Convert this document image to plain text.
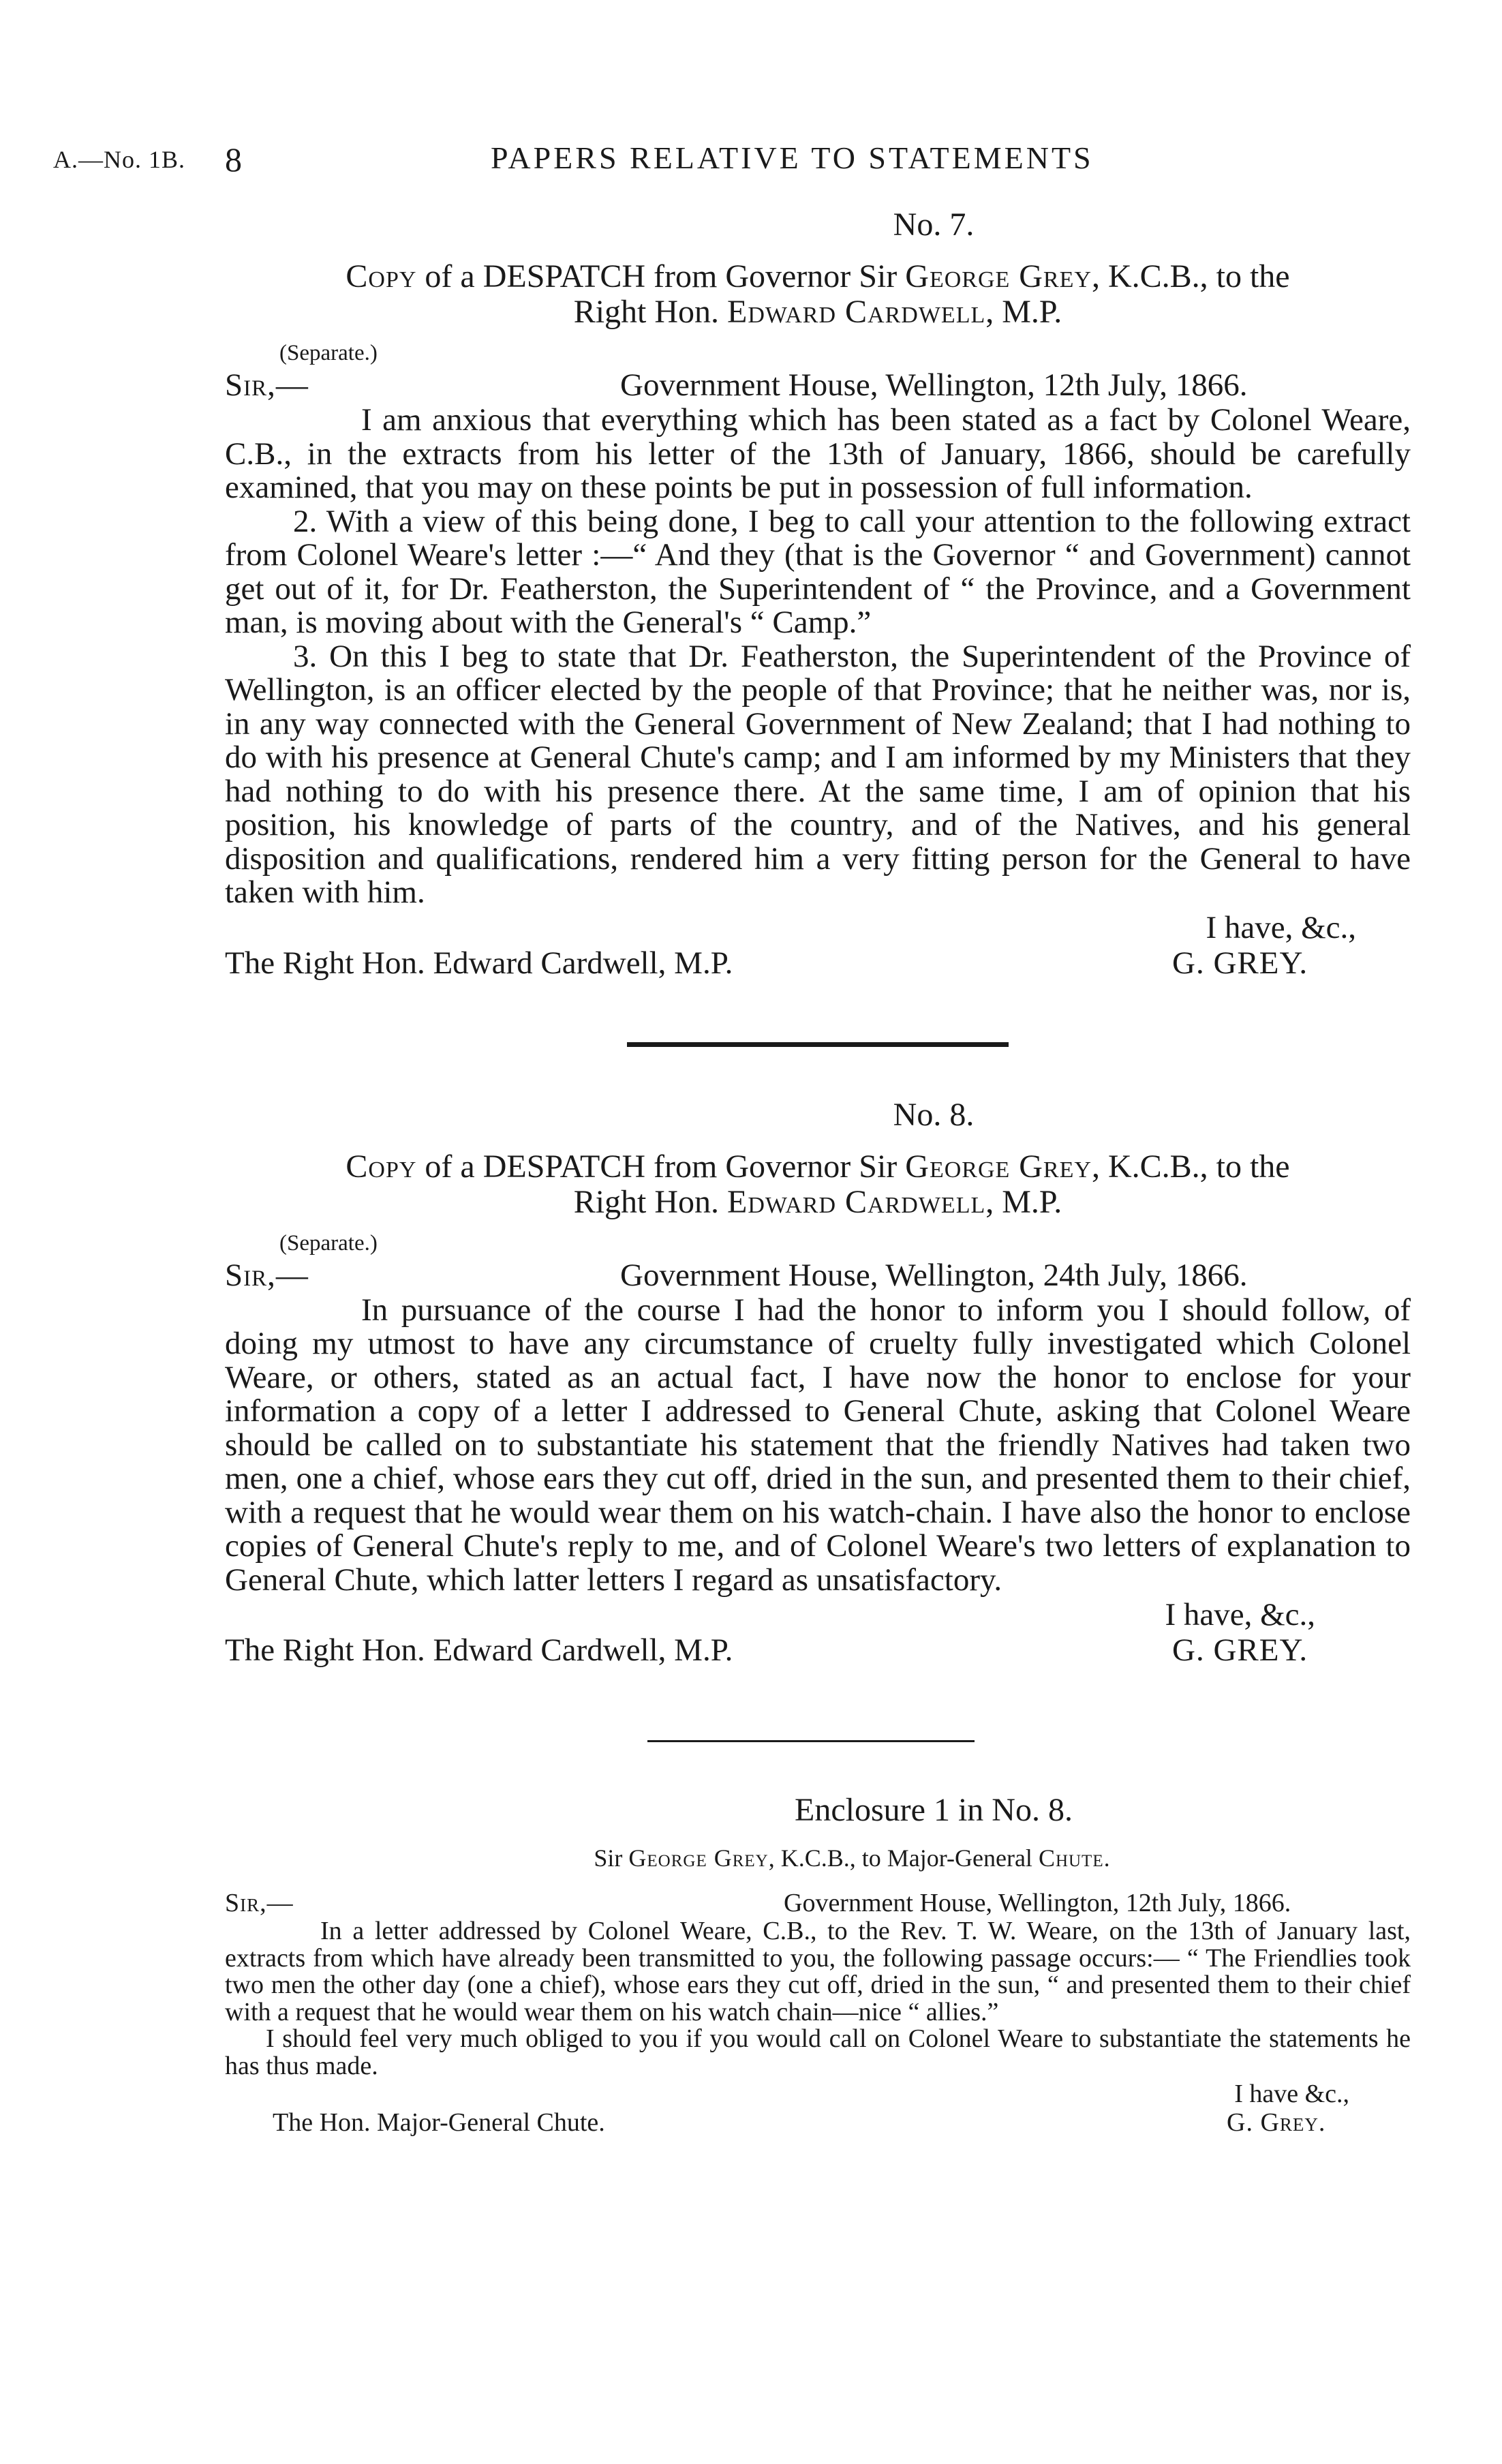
A.—No. 1B. 8	PAPERS RELATIVE TO STATEMENTS
No. 7.
Copy of a DESPATCH from Governor Sir George Grey, K.C.B., to the
Right Hon. Edward Cardwell, M.P.
(Separate.)
Sir,—	Government House, Wellington, 12th July, 1866.

I am anxious that everything which has been stated as a fact by Colonel Weare, C.B., in the extracts from his letter of the 13th of January, 1866, should be carefully examined, that you may on these points be put in possession of full information.

2. With a view of this being done, I beg to call your attention to the following extract from Colonel Weare's letter :—“ And they (that is the Governor “ and Government) cannot get out of it, for Dr. Featherston, the Superintendent of “ the Province, and a Government man, is moving about with the General's “ Camp.”

3. On this I beg to state that Dr. Featherston, the Superintendent of the Province of Wellington, is an officer elected by the people of that Province; that he neither was, nor is, in any way connected with the General Government of New Zealand; that I had nothing to do with his presence at General Chute's camp; and I am informed by my Ministers that they had nothing to do with his presence there. At the same time, I am of opinion that his position, his knowledge of parts of the country, and of the Natives, and his general disposition and qualifications, rendered him a very fitting person for the General to have taken with him.

I have, &c.,
The Right Hon. Edward Cardwell, M.P.	G. GREY.
No. 8.
Copy of a DESPATCH from Governor Sir George Grey, K.C.B., to the
Right Hon. Edward Cardwell, M.P.
(Separate.)
Sir,—	Government House, Wellington, 24th July, 1866.

In pursuance of the course I had the honor to inform you I should follow, of doing my utmost to have any circumstance of cruelty fully investigated which Colonel Weare, or others, stated as an actual fact, I have now the honor to enclose for your information a copy of a letter I addressed to General Chute, asking that Colonel Weare should be called on to substantiate his statement that the friendly Natives had taken two men, one a chief, whose ears they cut off, dried in the sun, and presented them to their chief, with a request that he would wear them on his watch-chain. I have also the honor to enclose copies of General Chute's reply to me, and of Colonel Weare's two letters of explanation to General Chute, which latter letters I regard as unsatisfactory.

I have, &c.,
The Right Hon. Edward Cardwell, M.P.	G. GREY.
Enclosure 1 in No. 8.
Sir George Grey, K.C.B., to Major-General Chute.
Sir,—	Government House, Wellington, 12th July, 1866.

In a letter addressed by Colonel Weare, C.B., to the Rev. T. W. Weare, on the 13th of January last, extracts from which have already been transmitted to you, the following passage occurs:— “ The Friendlies took two men the other day (one a chief), whose ears they cut off, dried in the sun, “ and presented them to their chief with a request that he would wear them on his watch chain—nice “ allies.”

I should feel very much obliged to you if you would call on Colonel Weare to substantiate the statements he has thus made.

I have &c.,
The Hon. Major-General Chute.	G. Grey.
